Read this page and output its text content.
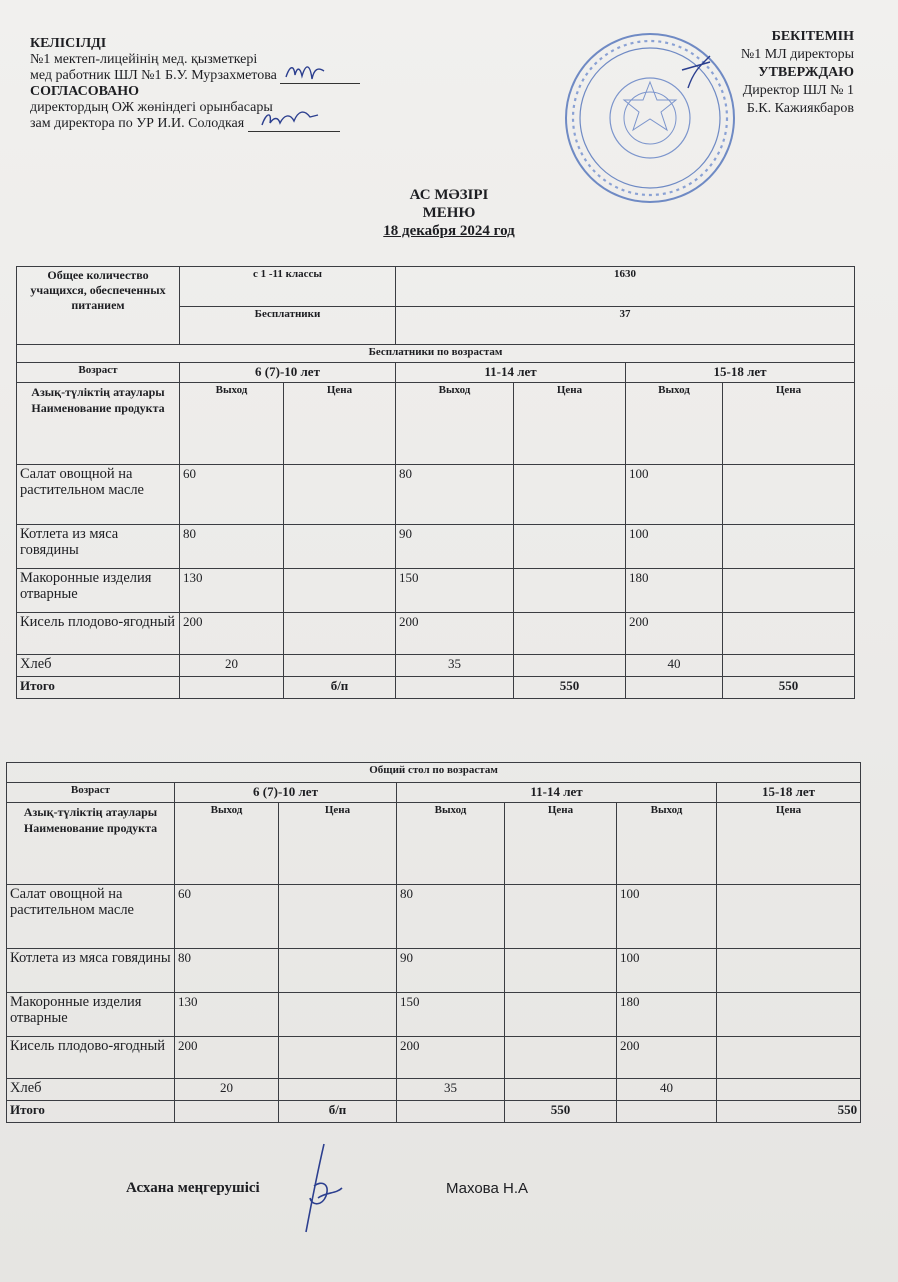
КЕЛІСІЛДІ
№1 мектеп-лицейінің мед. қызметкері
мед работник ШЛ №1 Б.У. Мурзахметова
СОГЛАСОВАНО
директордың ОЖ жөніндегі орынбасары
зам директора по УР И.И. Солодкая
БЕКІТЕМІН
№1 МЛ директоры
УТВЕРЖДАЮ
Директор ШЛ № 1
Б.К. Кажиякбаров
АС МӘЗІРІ
МЕНЮ
18 декабря 2024 год
Общее количество учащихся, обеспеченных питанием	с 1 -11 классы		1630			
	Бесплатники		37			
Бесплатники по возрастам						
Возраст	6 (7)-10 лет		11-14 лет		15-18 лет	
Азық-түліктің атаулары Наименование продукта	Выход	Цена	Выход	Цена	Выход	Цена
Салат овощной на растительном масле	60		80		100	
Котлета из мяса говядины	80		90		100	
Макоронные изделия отварные	130		150		180	
Кисель плодово-ягодный	200		200		200	
Хлеб	20		35		40	
Итого		б/п		550		550
Общий стол по возрастам						
Возраст	6 (7)-10 лет		11-14 лет			15-18 лет
Азық-түліктің атаулары Наименование продукта	Выход	Цена	Выход	Цена	Выход	Цена
Салат овощной на растительном масле	60		80		100	
Котлета из мяса говядины	80		90		100	
Макоронные изделия отварные	130		150		180	
Кисель плодово-ягодный	200		200		200	
Хлеб	20		35		40	
Итого		б/п		550		550
Асхана меңгерушісі	Махова Н.А
